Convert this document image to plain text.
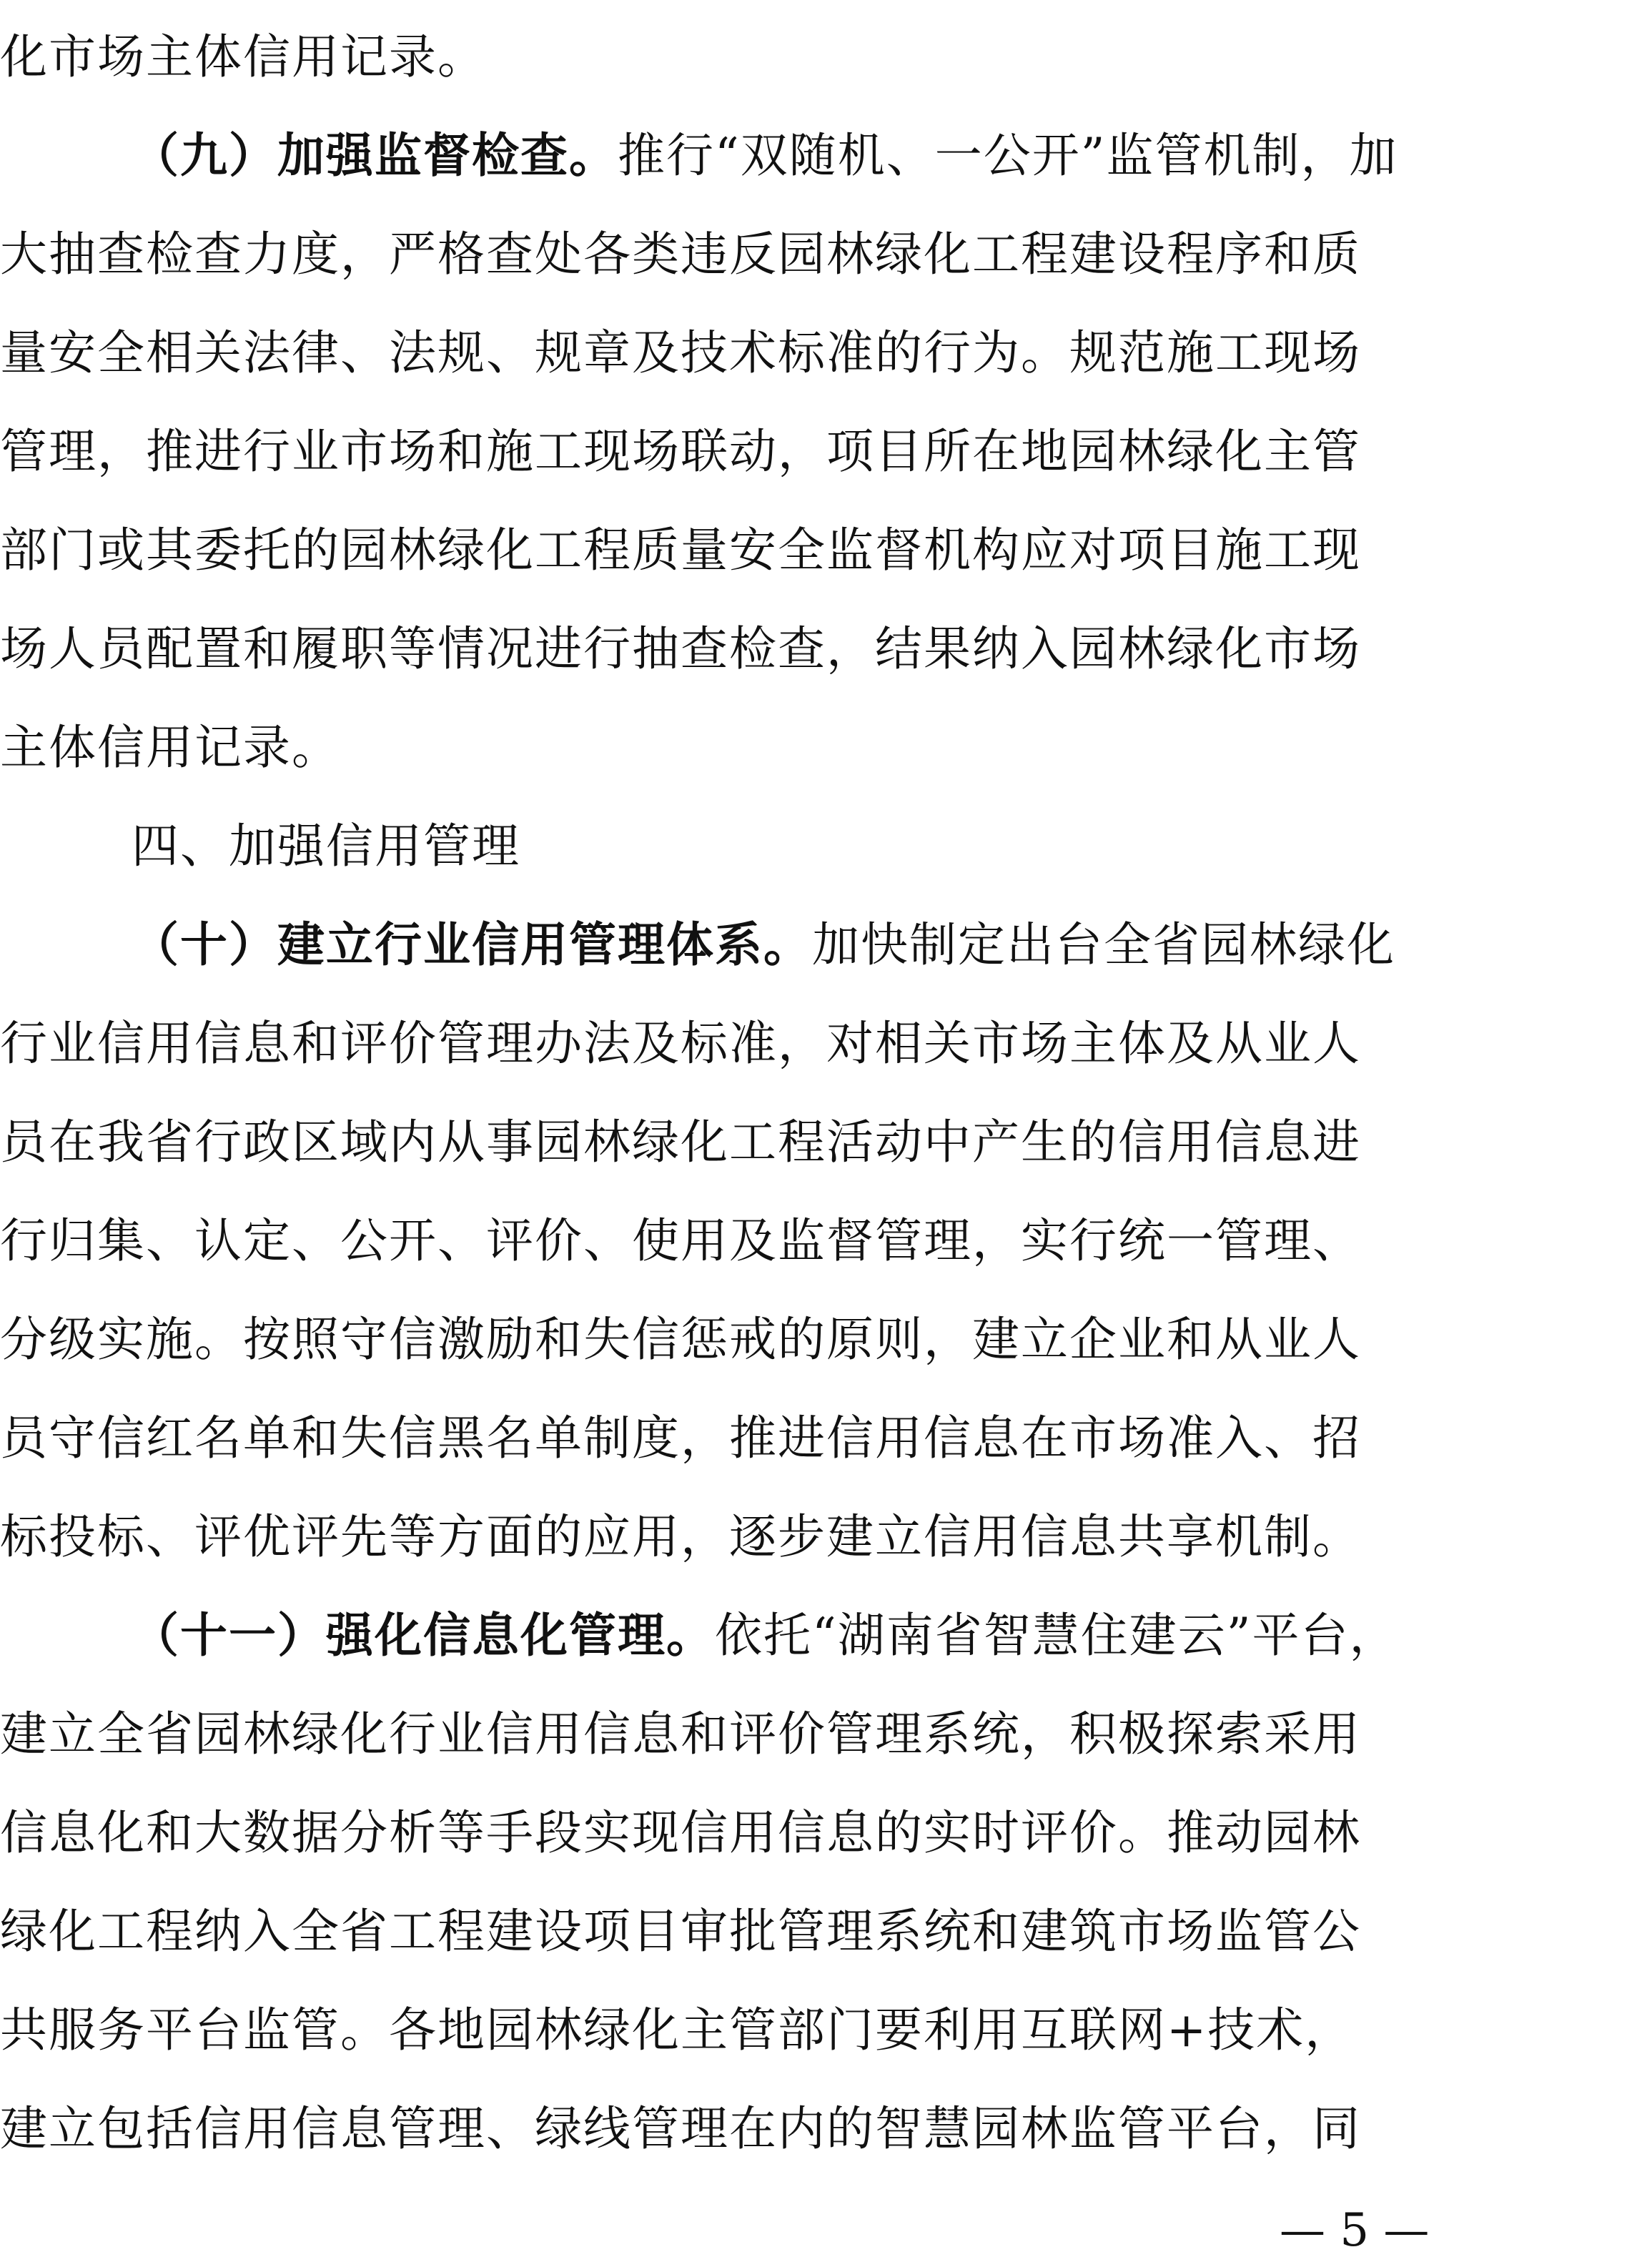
化市场主体信用记录。
（九）加强监督检查。推行“双随机、一公开”监管机制，加
大抽查检查力度，严格查处各类违反园林绿化工程建设程序和质
量安全相关法律、法规、规章及技术标准的行为。规范施工现场
管理，推进行业市场和施工现场联动，项目所在地园林绿化主管
部门或其委托的园林绿化工程质量安全监督机构应对项目施工现
场人员配置和履职等情况进行抽查检查，结果纳入园林绿化市场
主体信用记录。
四、加强信用管理
（十）建立行业信用管理体系。加快制定出台全省园林绿化
行业信用信息和评价管理办法及标准，对相关市场主体及从业人
员在我省行政区域内从事园林绿化工程活动中产生的信用信息进
行归集、认定、公开、评价、使用及监督管理，实行统一管理、
分级实施。按照守信激励和失信惩戒的原则，建立企业和从业人
员守信红名单和失信黑名单制度，推进信用信息在市场准入、招
标投标、评优评先等方面的应用，逐步建立信用信息共享机制。
（十一）强化信息化管理。依托“湖南省智慧住建云”平台，
建立全省园林绿化行业信用信息和评价管理系统，积极探索采用
信息化和大数据分析等手段实现信用信息的实时评价。推动园林
绿化工程纳入全省工程建设项目审批管理系统和建筑市场监管公
共服务平台监管。各地园林绿化主管部门要利用互联网+技术，
建立包括信用信息管理、绿线管理在内的智慧园林监管平台，同
— 5 —
